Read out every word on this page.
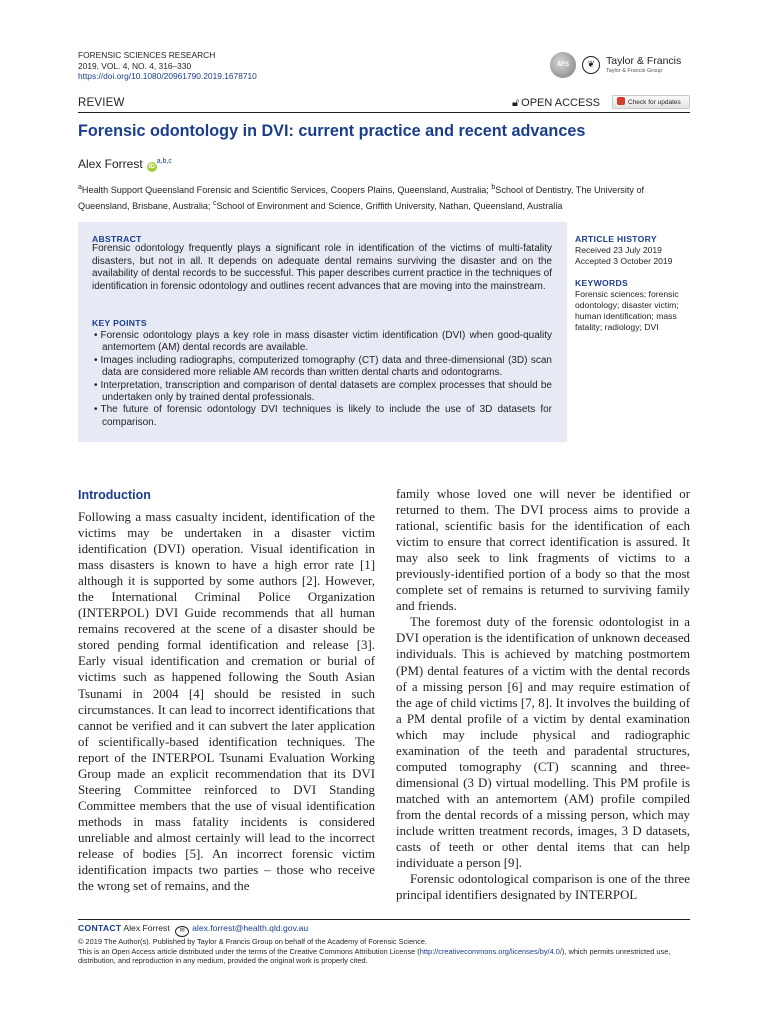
FORENSIC SCIENCES RESEARCH
2019, VOL. 4, NO. 4, 316–330
https://doi.org/10.1080/20961790.2019.1678710
AFS	❦	Taylor & Francis
Taylor & Francis Group
REVIEW	🔓︎ OPEN ACCESS	Check for updates
Forensic odontology in DVI: current practice and recent advances
Alex Forrest iD$^{a,b,c}$
$^a$Health Support Queensland Forensic and Scientific Services, Coopers Plains, Queensland, Australia; $^b$School of Dentistry, The University of Queensland, Brisbane, Australia; $^c$School of Environment and Science, Griffith University, Nathan, Queensland, Australia
ABSTRACT
Forensic odontology frequently plays a significant role in identification of the victims of multi-fatality disasters, but not in all. It depends on adequate dental remains surviving the disaster and on the availability of dental records to be successful. This paper describes current practice in the techniques of identification in forensic odontology and outlines recent advances that are moving into the mainstream.
KEY POINTS
• Forensic odontology plays a key role in mass disaster victim identification (DVI) when good-quality antemortem (AM) dental records are available.
• Images including radiographs, computerized tomography (CT) data and three-dimensional (3D) scan data are considered more reliable AM records than written dental charts and odontograms.
• Interpretation, transcription and comparison of dental datasets are complex processes that should be undertaken only by trained dental professionals.
• The future of forensic odontology DVI techniques is likely to include the use of 3D datasets for comparison.
ARTICLE HISTORY
Received 23 July 2019
Accepted 3 October 2019
KEYWORDS
Forensic sciences; forensic odontology; disaster victim; human identification; mass fatality; radiology; DVI
Introduction

Following a mass casualty incident, identification of the victims may be undertaken in a disaster victim identification (DVI) operation. Visual identification in mass disasters is known to have a high error rate [1] although it is supported by some authors [2]. However, the International Criminal Police Organization (INTERPOL) DVI Guide recommends that all human remains recovered at the scene of a disaster should be stored pending formal identification and release [3]. Early visual identification and cremation or burial of victims such as happened following the South Asian Tsunami in 2004 [4] should be resisted in such circumstances. It can lead to incorrect identifications that cannot be verified and it can subvert the later application of scientifically-based identification techniques. The report of the INTERPOL Tsunami Evaluation Working Group made an explicit recommendation that its DVI Steering Committee reinforced to DVI Standing Committee members that the use of visual identification methods in mass fatality incidents is considered unreliable and almost certainly will lead to the incorrect release of bodies [5]. An incorrect forensic victim identification impacts two parties – those who receive the wrong set of remains, and the

family whose loved one will never be identified or returned to them. The DVI process aims to provide a rational, scientific basis for the identification of each victim to ensure that correct identification is assured. It may also seek to link fragments of victims to a previously-identified portion of a body so that the most complete set of remains is returned to surviving family and friends.

The foremost duty of the forensic odontologist in a DVI operation is the identification of unknown deceased individuals. This is achieved by matching postmortem (PM) dental features of a victim with the dental records of a missing person [6] and may require estimation of the age of child victims [7, 8]. It involves the building of a PM dental profile of a victim by dental examination which may include physical and radiographic examination of the teeth and paradental structures, computed tomography (CT) scanning and three-dimensional (3 D) virtual modelling. This PM profile is matched with an antemortem (AM) profile compiled from the dental records of a missing person, which may include written treatment records, images, 3 D datasets, casts of teeth or other dental items that can help individuate a person [9].

Forensic odontological comparison is one of the three principal identifiers designated by INTERPOL

CONTACT Alex Forrest ✉︎ alex.forrest@health.qld.gov.au
© 2019 The Author(s). Published by Taylor & Francis Group on behalf of the Academy of Forensic Science.
This is an Open Access article distributed under the terms of the Creative Commons Attribution License (http://creativecommons.org/licenses/by/4.0/), which permits unrestricted use, distribution, and reproduction in any medium, provided the original work is properly cited.
